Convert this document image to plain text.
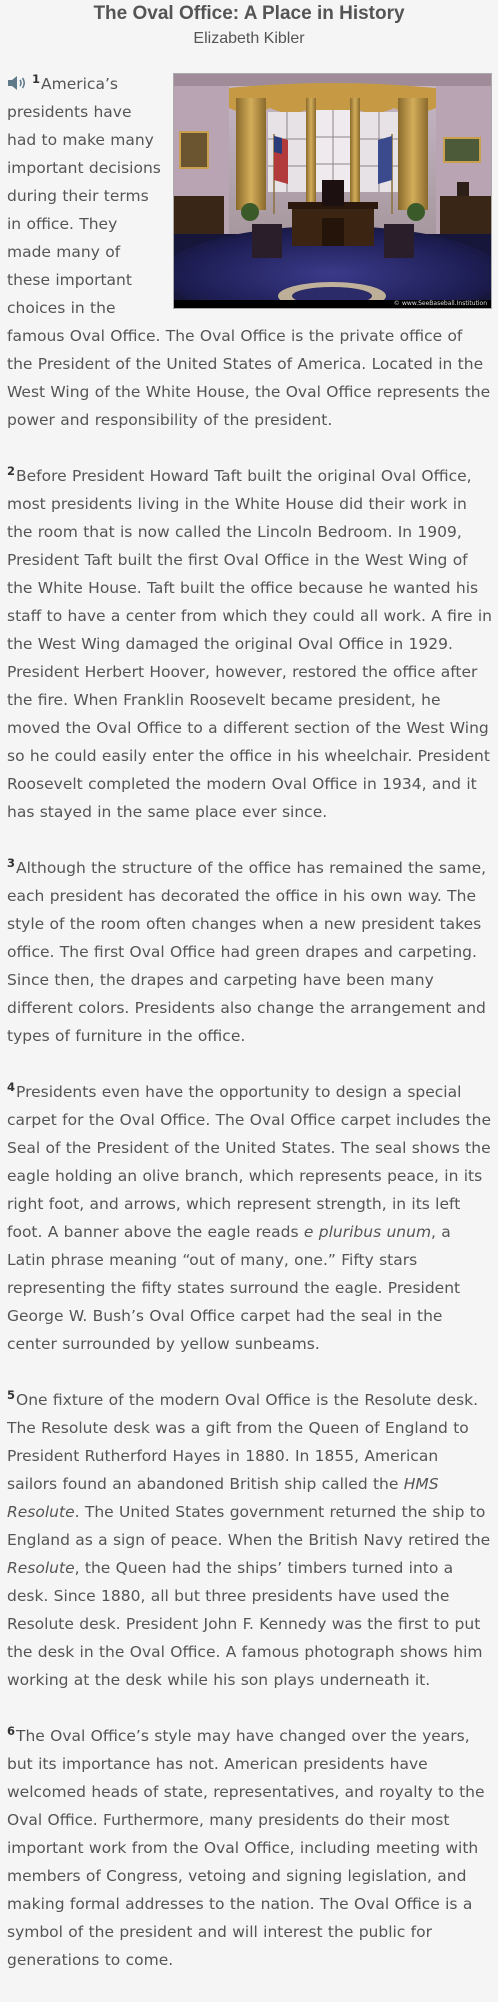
The Oval Office: A Place in History
Elizabeth Kibler

© www.SeeBaseball.Institution
$^1$America’s presidents have had to make many important decisions during their terms in office. They made many of these important choices in the famous Oval Office. The Oval Office is the private office of the President of the United States of America. Located in the West Wing of the White House, the Oval Office represents the power and responsibility of the president.

$^2$Before President Howard Taft built the original Oval Office, most presidents living in the White House did their work in the room that is now called the Lincoln Bedroom. In 1909, President Taft built the first Oval Office in the West Wing of the White House. Taft built the office because he wanted his staff to have a center from which they could all work. A fire in the West Wing damaged the original Oval Office in 1929. President Herbert Hoover, however, restored the office after the fire. When Franklin Roosevelt became president, he moved the Oval Office to a different section of the West Wing so he could easily enter the office in his wheelchair. President Roosevelt completed the modern Oval Office in 1934, and it has stayed in the same place ever since.

$^3$Although the structure of the office has remained the same, each president has decorated the office in his own way. The style of the room often changes when a new president takes office. The first Oval Office had green drapes and carpeting. Since then, the drapes and carpeting have been many different colors. Presidents also change the arrangement and types of furniture in the office.

$^4$Presidents even have the opportunity to design a special carpet for the Oval Office. The Oval Office carpet includes the Seal of the President of the United States. The seal shows the eagle holding an olive branch, which represents peace, in its right foot, and arrows, which represent strength, in its left foot. A banner above the eagle reads e pluribus unum, a Latin phrase meaning “out of many, one.” Fifty stars representing the fifty states surround the eagle. President George W. Bush’s Oval Office carpet had the seal in the center surrounded by yellow sunbeams.

$^5$One fixture of the modern Oval Office is the Resolute desk. The Resolute desk was a gift from the Queen of England to President Rutherford Hayes in 1880. In 1855, American sailors found an abandoned British ship called the HMS Resolute. The United States government returned the ship to England as a sign of peace. When the British Navy retired the Resolute, the Queen had the ships’ timbers turned into a desk. Since 1880, all but three presidents have used the Resolute desk. President John F. Kennedy was the first to put the desk in the Oval Office. A famous photograph shows him working at the desk while his son plays underneath it.

$^6$The Oval Office’s style may have changed over the years, but its importance has not. American presidents have welcomed heads of state, representatives, and royalty to the Oval Office. Furthermore, many presidents do their most important work from the Oval Office, including meeting with members of Congress, vetoing and signing legislation, and making formal addresses to the nation. The Oval Office is a symbol of the president and will interest the public for generations to come.
